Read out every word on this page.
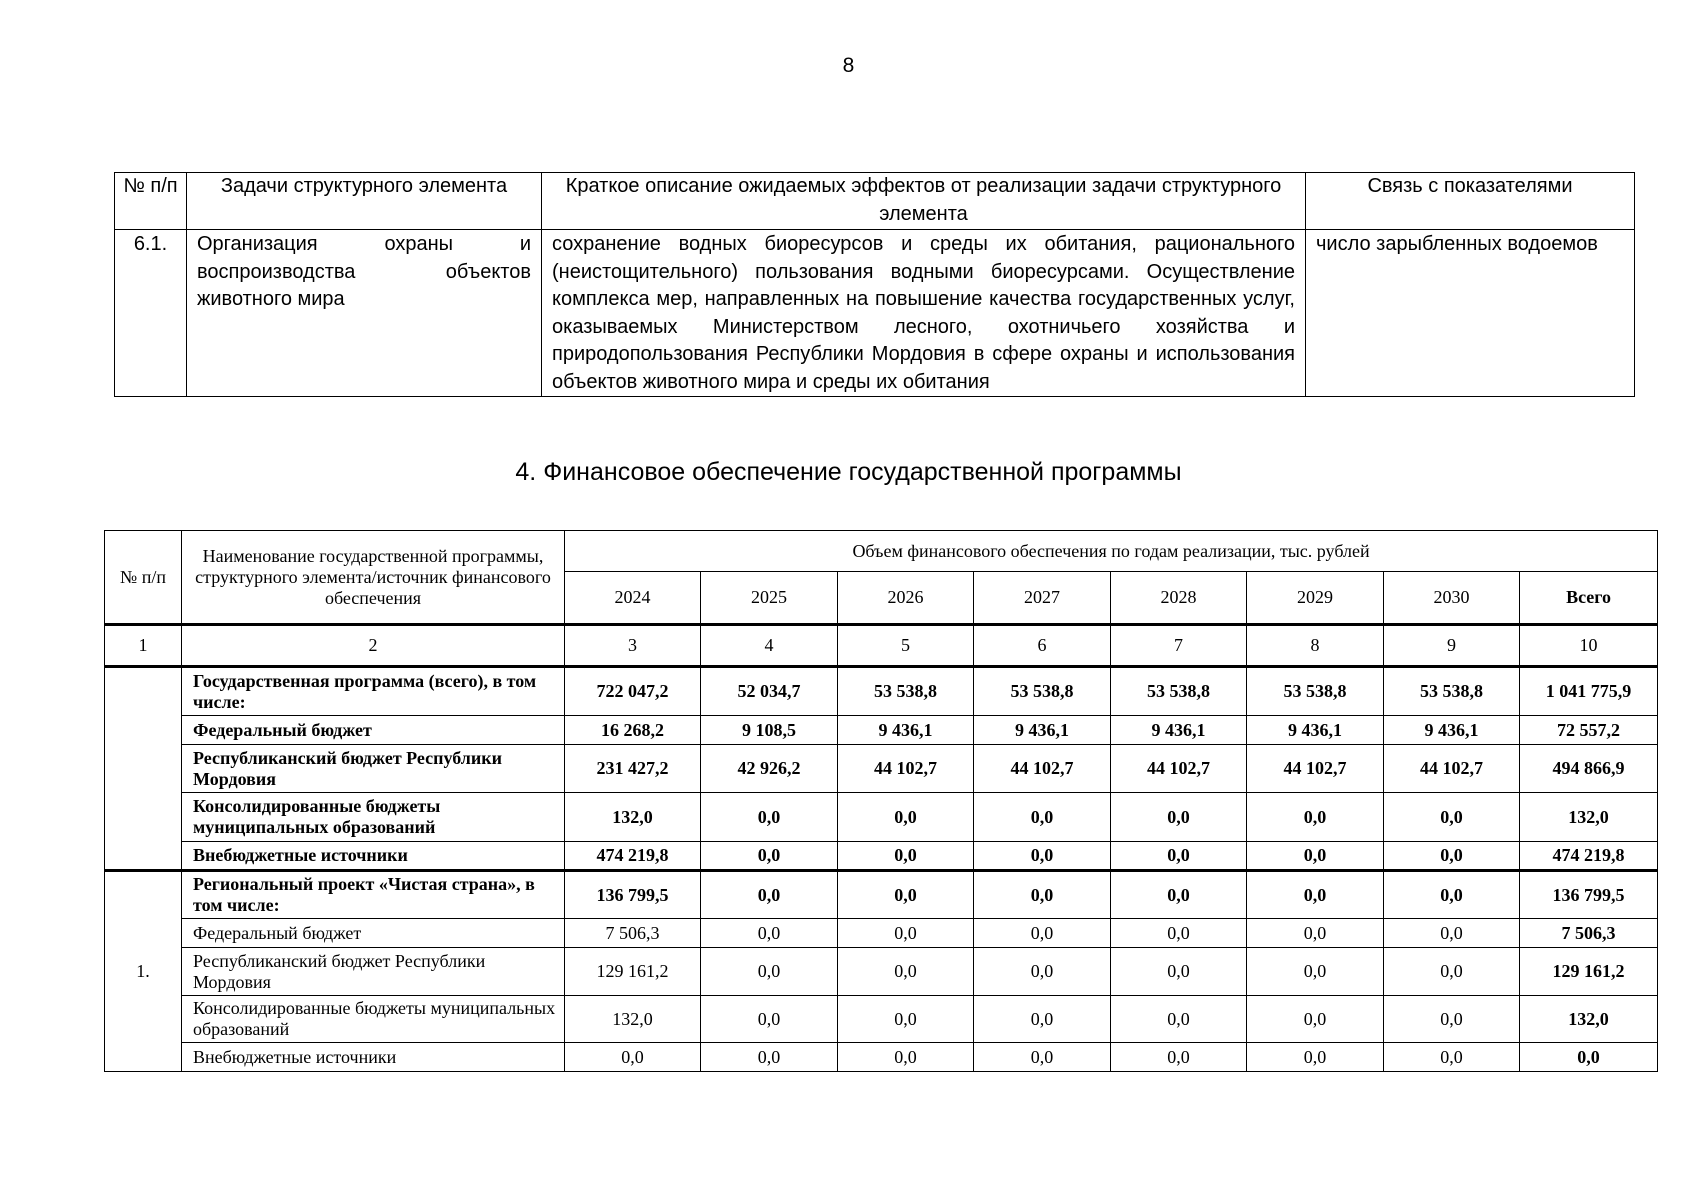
8
№ п/п	Задачи структурного элемента	Краткое описание ожидаемых эффектов от реализации задачи структурного элемента	Связь с показателями
6.1.	Организация охраны и воспроизводства объектов животного мира	сохранение водных биоресурсов и среды их обитания, рационального (неистощительного) пользования водными биоресурсами. Осуществление комплекса мер, направленных на повышение качества государственных услуг, оказываемых Министерством лесного, охотничьего хозяйства и природопользования Республики Мордовия в сфере охраны и использования объектов животного мира и среды их обитания	число зарыбленных водоемов
4. Финансовое обеспечение государственной программы
№ п/п	Наименование государственной программы, структурного элемента/источник финансового обеспечения	Объем финансового обеспечения по годам реализации, тыс. рублей							
		2024	2025	2026	2027	2028	2029	2030	Всего
1	2	3	4	5	6	7	8	9	10
	Государственная программа (всего), в том числе:	722 047,2	52 034,7	53 538,8	53 538,8	53 538,8	53 538,8	53 538,8	1 041 775,9
	Федеральный бюджет	16 268,2	9 108,5	9 436,1	9 436,1	9 436,1	9 436,1	9 436,1	72 557,2
	Республиканский бюджет Республики Мордовия	231 427,2	42 926,2	44 102,7	44 102,7	44 102,7	44 102,7	44 102,7	494 866,9
	Консолидированные бюджеты муниципальных образований	132,0	0,0	0,0	0,0	0,0	0,0	0,0	132,0
	Внебюджетные источники	474 219,8	0,0	0,0	0,0	0,0	0,0	0,0	474 219,8
1.	Региональный проект «Чистая страна», в том числе:	136 799,5	0,0	0,0	0,0	0,0	0,0	0,0	136 799,5
	Федеральный бюджет	7 506,3	0,0	0,0	0,0	0,0	0,0	0,0	7 506,3
	Республиканский бюджет Республики Мордовия	129 161,2	0,0	0,0	0,0	0,0	0,0	0,0	129 161,2
	Консолидированные бюджеты муниципальных образований	132,0	0,0	0,0	0,0	0,0	0,0	0,0	132,0
	Внебюджетные источники	0,0	0,0	0,0	0,0	0,0	0,0	0,0	0,0
